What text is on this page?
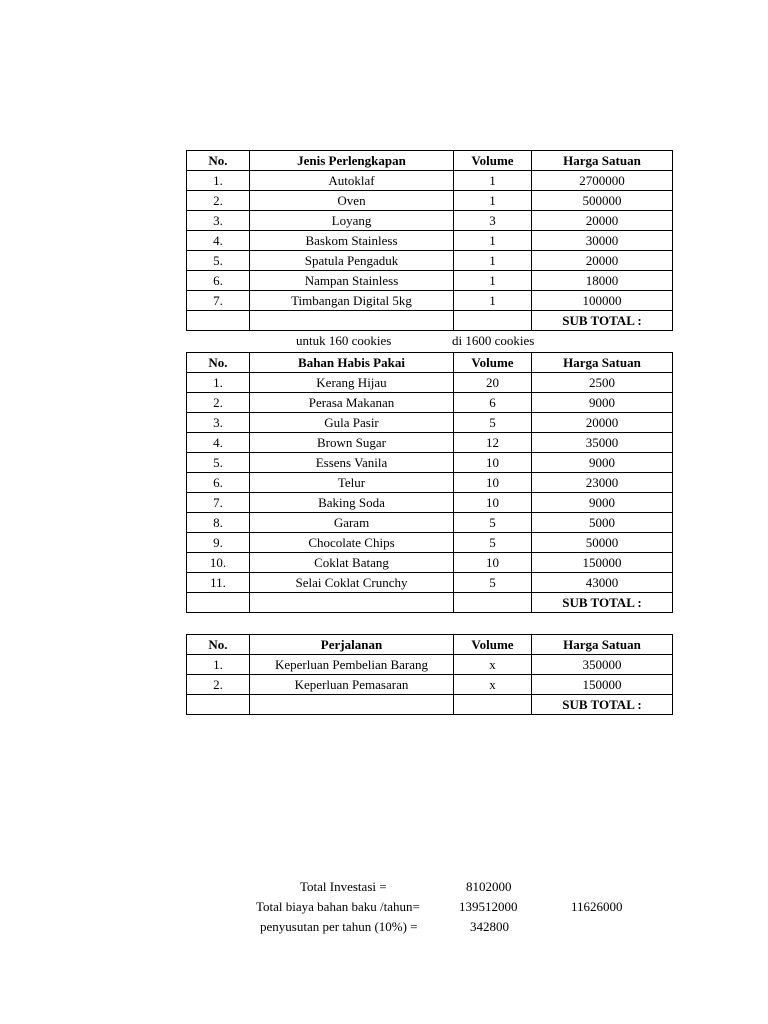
No.	Jenis Perlengkapan	Volume	Harga Satuan
1.	Autoklaf	1	2700000
2.	Oven	1	500000
3.	Loyang	3	20000
4.	Baskom Stainless	1	30000
5.	Spatula Pengaduk	1	20000
6.	Nampan Stainless	1	18000
7.	Timbangan Digital 5kg	1	100000
			SUB TOTAL :
untuk 160 cookies	di 1600 cookies
No.	Bahan Habis Pakai	Volume	Harga Satuan
1.	Kerang Hijau	20	2500
2.	Perasa Makanan	6	9000
3.	Gula Pasir	5	20000
4.	Brown Sugar	12	35000
5.	Essens Vanila	10	9000
6.	Telur	10	23000
7.	Baking Soda	10	9000
8.	Garam	5	5000
9.	Chocolate Chips	5	50000
10.	Coklat Batang	10	150000
11.	Selai Coklat Crunchy	5	43000
			SUB TOTAL :
No.	Perjalanan	Volume	Harga Satuan
1.	Keperluan Pembelian Barang	x	350000
2.	Keperluan Pemasaran	x	150000
			SUB TOTAL :
Total Investasi =	8102000
Total biaya bahan baku /tahun=	139512000	11626000
penyusutan per tahun (10%) =	342800
